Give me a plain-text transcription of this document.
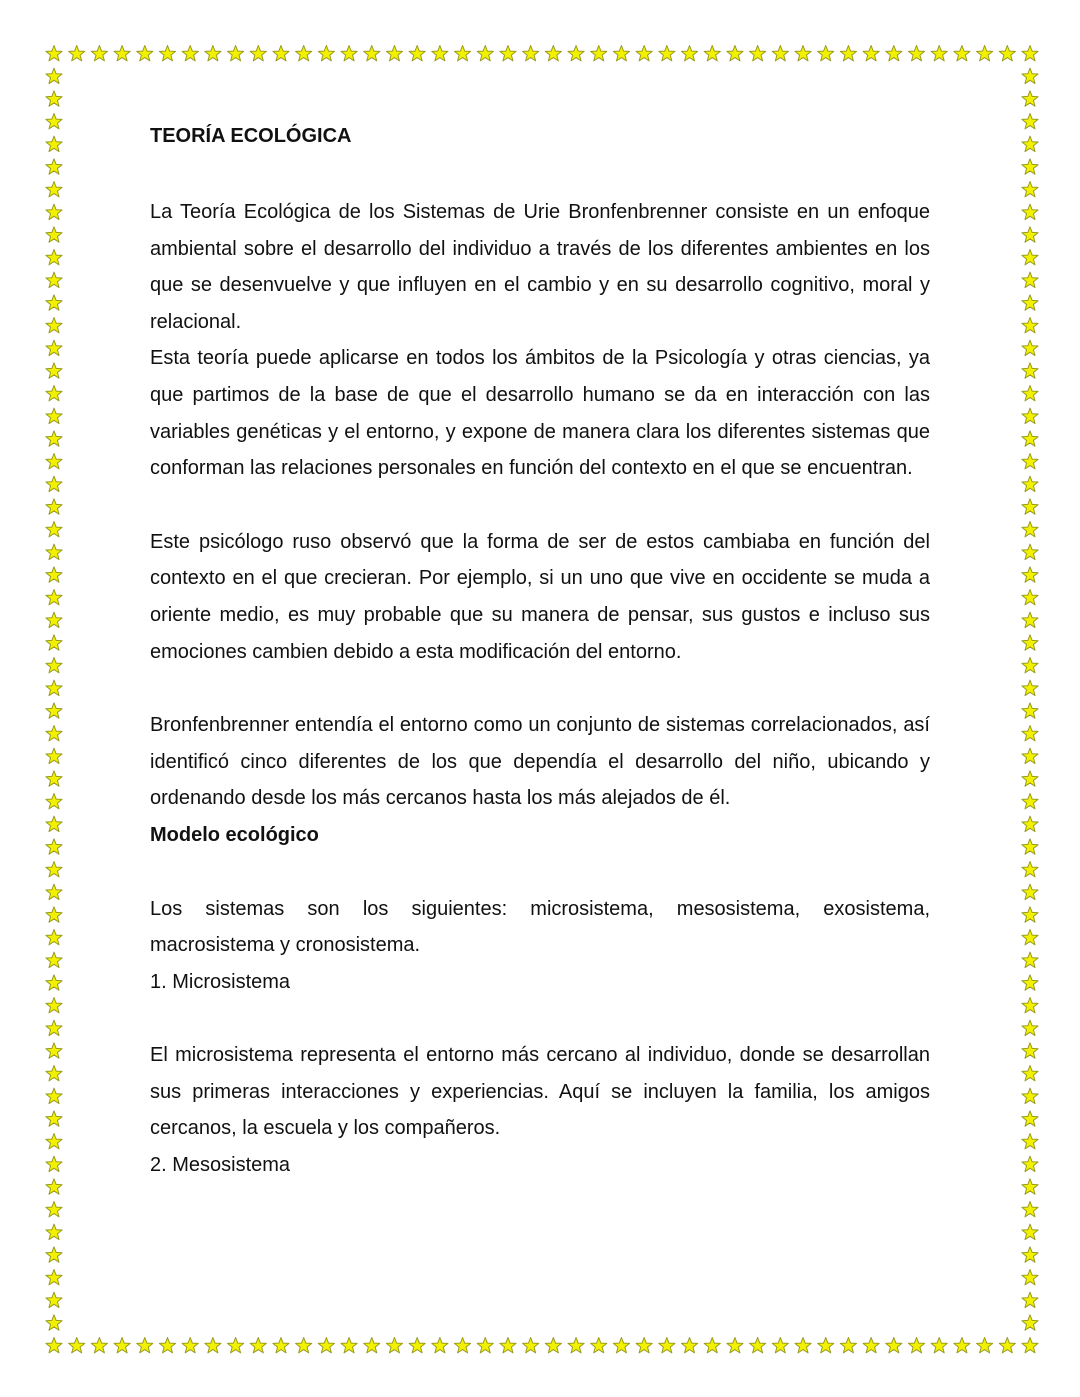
TEORÍA ECOLÓGICA

La Teoría Ecológica de los Sistemas de Urie Bronfenbrenner consiste en un enfoque ambiental sobre el desarrollo del individuo a través de los diferentes ambientes en los que se desenvuelve y que influyen en el cambio y en su desarrollo cognitivo, moral y relacional.

Esta teoría puede aplicarse en todos los ámbitos de la Psicología y otras ciencias, ya que partimos de la base de que el desarrollo humano se da en interacción con las variables genéticas y el entorno, y expone de manera clara los diferentes sistemas que conforman las relaciones personales en función del contexto en el que se encuentran.

Este psicólogo ruso observó que la forma de ser de estos cambiaba en función del contexto en el que crecieran. Por ejemplo, si un uno que vive en occidente se muda a oriente medio, es muy probable que su manera de pensar, sus gustos e incluso sus emociones cambien debido a esta modificación del entorno.

Bronfenbrenner entendía el entorno como un conjunto de sistemas correlacionados, así identificó cinco diferentes de los que dependía el desarrollo del niño, ubicando y ordenando desde los más cercanos hasta los más alejados de él.

Modelo ecológico

Los sistemas son los siguientes: microsistema, mesosistema, exosistema, macrosistema y cronosistema.

1. Microsistema

El microsistema representa el entorno más cercano al individuo, donde se desarrollan sus primeras interacciones y experiencias. Aquí se incluyen la familia, los amigos cercanos, la escuela y los compañeros.

2. Mesosistema
